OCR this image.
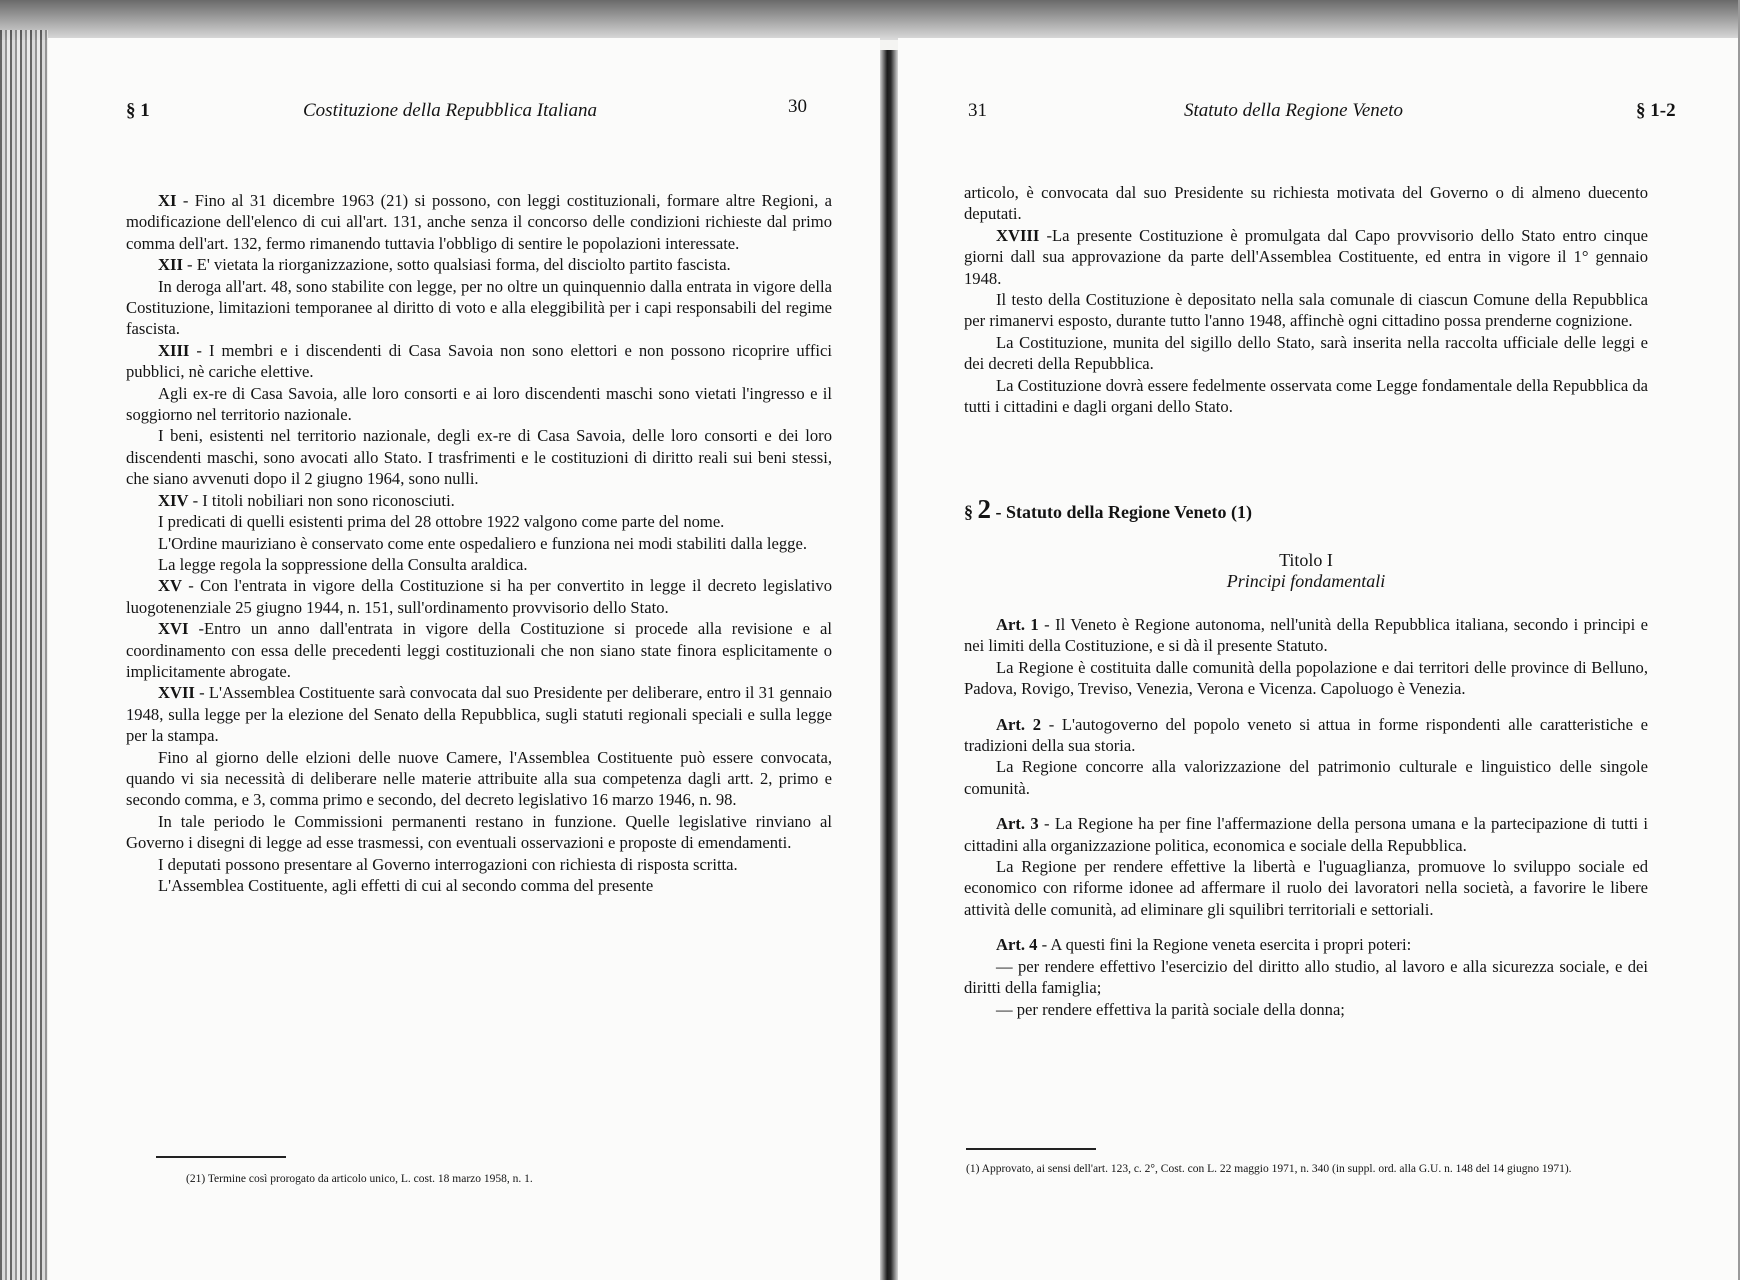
§ 1	Costituzione della Repubblica Italiana	30

XI - Fino al 31 dicembre 1963 (21) si possono, con leggi costituzionali, formare altre Regioni, a modificazione dell'elenco di cui all'art. 131, anche senza il concorso delle condizioni richieste dal primo comma dell'art. 132, fermo rimanendo tuttavia l'obbligo di sentire le popolazioni interessate.

XII - E' vietata la riorganizzazione, sotto qualsiasi forma, del disciolto partito fascista.

In deroga all'art. 48, sono stabilite con legge, per no oltre un quinquennio dalla entrata in vigore della Costituzione, limitazioni temporanee al diritto di voto e alla eleggibilità per i capi responsabili del regime fascista.

XIII - I membri e i discendenti di Casa Savoia non sono elettori e non possono ricoprire uffici pubblici, nè cariche elettive.

Agli ex-re di Casa Savoia, alle loro consorti e ai loro discendenti maschi sono vietati l'ingresso e il soggiorno nel territorio nazionale.

I beni, esistenti nel territorio nazionale, degli ex-re di Casa Savoia, delle loro consorti e dei loro discendenti maschi, sono avocati allo Stato. I trasfrimenti e le costituzioni di diritto reali sui beni stessi, che siano avvenuti dopo il 2 giugno 1964, sono nulli.

XIV - I titoli nobiliari non sono riconosciuti.

I predicati di quelli esistenti prima del 28 ottobre 1922 valgono come parte del nome.

L'Ordine mauriziano è conservato come ente ospedaliero e funziona nei modi stabiliti dalla legge.

La legge regola la soppressione della Consulta araldica.

XV - Con l'entrata in vigore della Costituzione si ha per convertito in legge il decreto legislativo luogotenenziale 25 giugno 1944, n. 151, sull'ordinamento provvisorio dello Stato.

XVI -Entro un anno dall'entrata in vigore della Costituzione si procede alla revisione e al coordinamento con essa delle precedenti leggi costituzionali che non siano state finora esplicitamente o implicitamente abrogate.

XVII - L'Assemblea Costituente sarà convocata dal suo Presidente per deliberare, entro il 31 gennaio 1948, sulla legge per la elezione del Senato della Repubblica, sugli statuti regionali speciali e sulla legge per la stampa.

Fino al giorno delle elzioni delle nuove Camere, l'Assemblea Costituente può essere convocata, quando vi sia necessità di deliberare nelle materie attribuite alla sua competenza dagli artt. 2, primo e secondo comma, e 3, comma primo e secondo, del decreto legislativo 16 marzo 1946, n. 98.

In tale periodo le Commissioni permanenti restano in funzione. Quelle legislative rinviano al Governo i disegni di legge ad esse trasmessi, con eventuali osservazioni e proposte di emendamenti.

I deputati possono presentare al Governo interrogazioni con richiesta di risposta scritta.

L'Assemblea Costituente, agli effetti di cui al secondo comma del presente

(21) Termine così prorogato da articolo unico, L. cost. 18 marzo 1958, n. 1.
31	Statuto della Regione Veneto	§ 1-2

articolo, è convocata dal suo Presidente su richiesta motivata del Governo o di almeno duecento deputati.

XVIII -La presente Costituzione è promulgata dal Capo provvisorio dello Stato entro cinque giorni dall sua approvazione da parte dell'Assemblea Costituente, ed entra in vigore il 1° gennaio 1948.

Il testo della Costituzione è depositato nella sala comunale di ciascun Comune della Repubblica per rimanervi esposto, durante tutto l'anno 1948, affinchè ogni cittadino possa prenderne cognizione.

La Costituzione, munita del sigillo dello Stato, sarà inserita nella raccolta ufficiale delle leggi e dei decreti della Repubblica.

La Costituzione dovrà essere fedelmente osservata come Legge fondamentale della Repubblica da tutti i cittadini e dagli organi dello Stato.

§ 2 - Statuto della Regione Veneto (1)
Titolo I
Principi fondamentali

Art. 1 - Il Veneto è Regione autonoma, nell'unità della Repubblica italiana, secondo i principi e nei limiti della Costituzione, e si dà il presente Statuto.

La Regione è costituita dalle comunità della popolazione e dai territori delle province di Belluno, Padova, Rovigo, Treviso, Venezia, Verona e Vicenza. Capoluogo è Venezia.

Art. 2 - L'autogoverno del popolo veneto si attua in forme rispondenti alle caratteristiche e tradizioni della sua storia.

La Regione concorre alla valorizzazione del patrimonio culturale e linguistico delle singole comunità.

Art. 3 - La Regione ha per fine l'affermazione della persona umana e la partecipazione di tutti i cittadini alla organizzazione politica, economica e sociale della Repubblica.

La Regione per rendere effettive la libertà e l'uguaglianza, promuove lo sviluppo sociale ed economico con riforme idonee ad affermare il ruolo dei lavoratori nella società, a favorire le libere attività delle comunità, ad eliminare gli squilibri territoriali e settoriali.

Art. 4 - A questi fini la Regione veneta esercita i propri poteri:

— per rendere effettivo l'esercizio del diritto allo studio, al lavoro e alla sicurezza sociale, e dei diritti della famiglia;

— per rendere effettiva la parità sociale della donna;

(1) Approvato, ai sensi dell'art. 123, c. 2°, Cost. con L. 22 maggio 1971, n. 340 (in suppl. ord. alla G.U. n. 148 del 14 giugno 1971).
